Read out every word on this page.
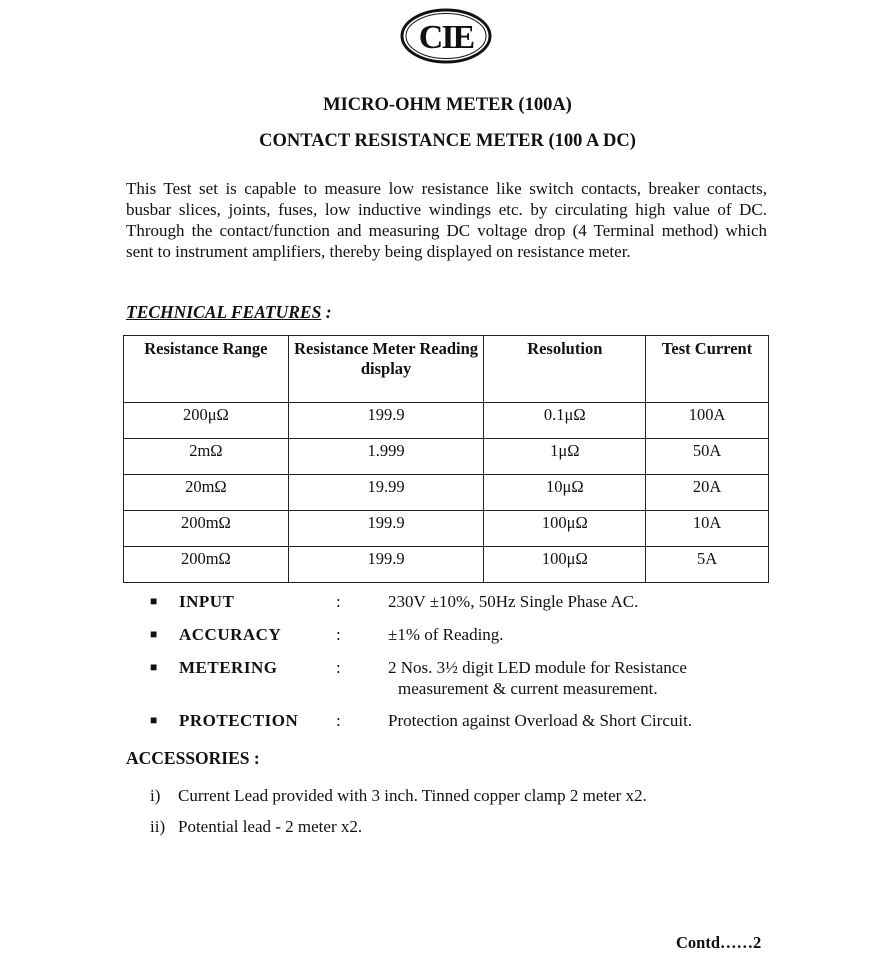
CIE
MICRO-OHM METER (100A)
CONTACT RESISTANCE METER (100 A DC)

This Test set is capable to measure low resistance like switch contacts, breaker contacts, busbar slices, joints, fuses, low inductive windings etc. by circulating high value of DC. Through the contact/function and measuring DC voltage drop (4 Terminal method) which sent to instrument amplifiers, thereby being displayed on resistance meter.

TECHNICAL FEATURES :
Resistance Range	Resistance Meter Reading display	Resolution	Test Current
200μΩ	199.9	0.1μΩ	100A
2mΩ	1.999	1μΩ	50A
20mΩ	19.99	10μΩ	20A
200mΩ	199.9	100μΩ	10A
200mΩ	199.9	100μΩ	5A
■ INPUT	:	230V ±10%, 50Hz Single Phase AC.
■ ACCURACY	:	±1% of Reading.
■ METERING	:	2 Nos. 3½ digit LED module for Resistance
measurement & current measurement.
■ PROTECTION :	Protection against Overload & Short Circuit.
ACCESSORIES :
i) Current Lead provided with 3 inch. Tinned copper clamp 2 meter x2.
ii) Potential lead - 2 meter x2.
Contd……2
